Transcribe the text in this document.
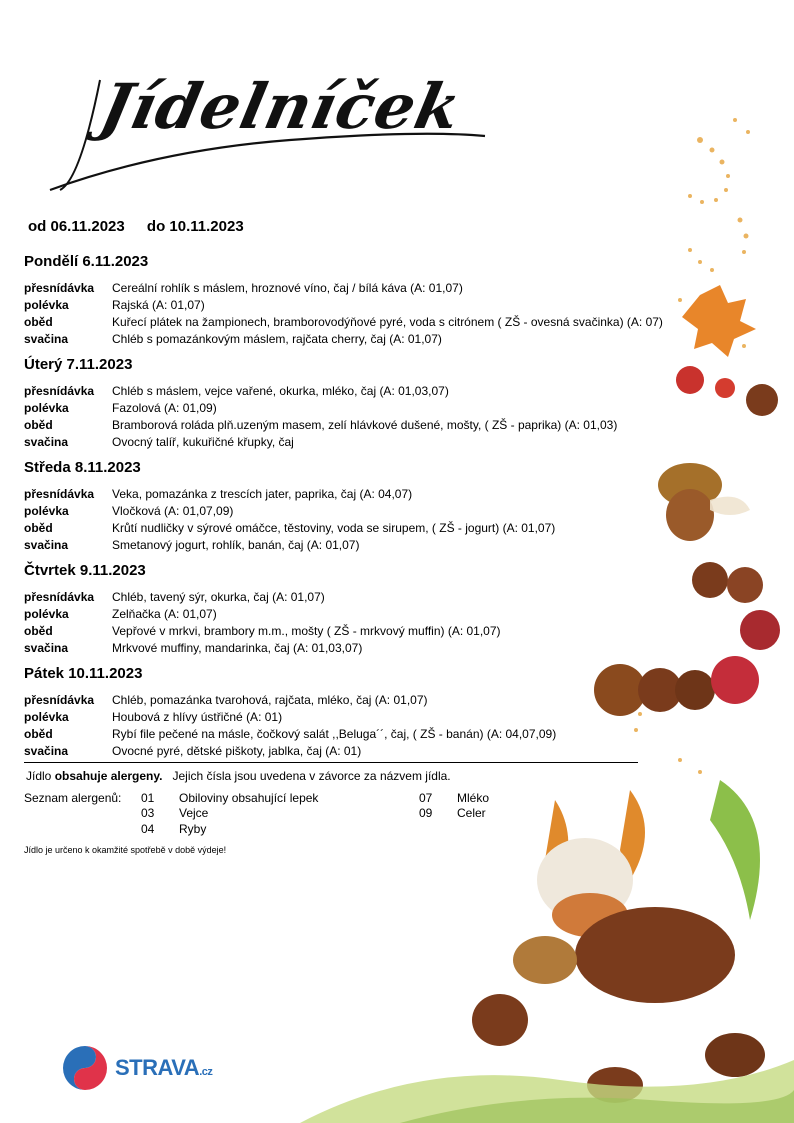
Jídelníček
od 06.11.2023 do 10.11.2023
Pondělí 6.11.2023
přesnídávka Cereální rohlík s máslem, hroznové víno, čaj / bílá káva (A: 01,07)
polévka	Rajská (A: 01,07)
oběd	Kuřecí plátek na žampionech, bramborovodýňové pyré, voda s citrónem ( ZŠ - ovesná svačinka) (A: 07)
svačina	Chléb s pomazánkovým máslem, rajčata cherry, čaj (A: 01,07)
Úterý 7.11.2023
přesnídávka Chléb s máslem, vejce vařené, okurka, mléko, čaj (A: 01,03,07)
polévka	Fazolová (A: 01,09)
oběd	Bramborová roláda plň.uzeným masem, zelí hlávkové dušené, mošty, ( ZŠ - paprika) (A: 01,03)
svačina	Ovocný talíř, kukuřičné křupky, čaj
Středa 8.11.2023
přesnídávka Veka, pomazánka z trescích jater, paprika, čaj (A: 04,07)
polévka	Vločková (A: 01,07,09)
oběd	Krůtí nudličky v sýrové omáčce, těstoviny, voda se sirupem, ( ZŠ - jogurt) (A: 01,07)
svačina	Smetanový jogurt, rohlík, banán, čaj (A: 01,07)
Čtvrtek 9.11.2023
přesnídávka Chléb, tavený sýr, okurka, čaj (A: 01,07)
polévka	Zelňačka (A: 01,07)
oběd	Vepřové v mrkvi, brambory m.m., mošty ( ZŠ - mrkvový muffin) (A: 01,07)
svačina	Mrkvové muffiny, mandarinka, čaj (A: 01,03,07)
Pátek 10.11.2023
přesnídávka Chléb, pomazánka tvarohová, rajčata, mléko, čaj (A: 01,07)
polévka	Houbová z hlívy ústřičné (A: 01)
oběd	Rybí file pečené na másle, čočkový salát ,,Beluga´´, čaj, ( ZŠ - banán) (A: 04,07,09)
svačina	Ovocné pyré, dětské piškoty, jablka, čaj (A: 01)
Jídlo obsahuje alergeny.   Jejich čísla jsou uvedena v závorce za názvem jídla.
Seznam alergenů: 01 Obiloviny obsahující lepek
03 Vejce
04 Ryby
07 Mléko
09 Celer
Jídlo je určeno k okamžité spotřebě v době výdeje!
STRAVA.cz
